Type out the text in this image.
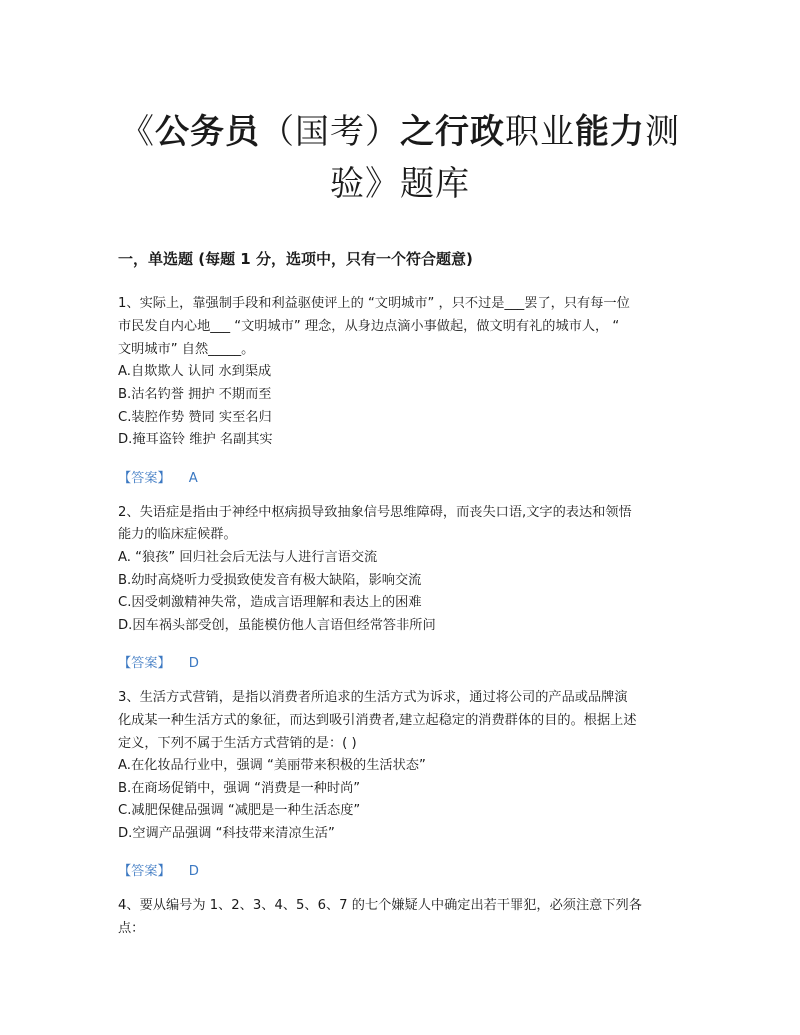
《公务员（国考）之行政职业能力测
验》题库
一，单选题 (每题 1 分，选项中，只有一个符合题意)
1、实际上，靠强制手段和利益驱使评上的 “文明城市” ，只不过是___罢了，只有每一位
市民发自内心地___ “文明城市” 理念，从身边点滴小事做起，做文明有礼的城市人， “
文明城市” 自然_____。
A.自欺欺人 认同 水到渠成
B.沽名钓誉 拥护 不期而至
C.装腔作势 赞同 实至名归
D.掩耳盗铃 维护 名副其实
【答案】 A
2、失语症是指由于神经中枢病损导致抽象信号思维障碍，而丧失口语,文字的表达和领悟
能力的临床症候群。
A. “狼孩” 回归社会后无法与人进行言语交流
B.幼时高烧听力受损致使发音有极大缺陷，影响交流
C.因受刺激精神失常，造成言语理解和表达上的困难
D.因车祸头部受创，虽能模仿他人言语但经常答非所问
【答案】 D
3、生活方式营销，是指以消费者所追求的生活方式为诉求，通过将公司的产品或品牌演
化成某一种生活方式的象征，而达到吸引消费者,建立起稳定的消费群体的目的。根据上述
定义，下列不属于生活方式营销的是：( )
A.在化妆品行业中，强调 “美丽带来积极的生活状态”
B.在商场促销中，强调 “消费是一种时尚”
C.减肥保健品强调 “减肥是一种生活态度”
D.空调产品强调 “科技带来清凉生活”
【答案】 D
4、要从编号为 1、2、3、4、5、6、7 的七个嫌疑人中确定出若干罪犯，必须注意下列各
点：
